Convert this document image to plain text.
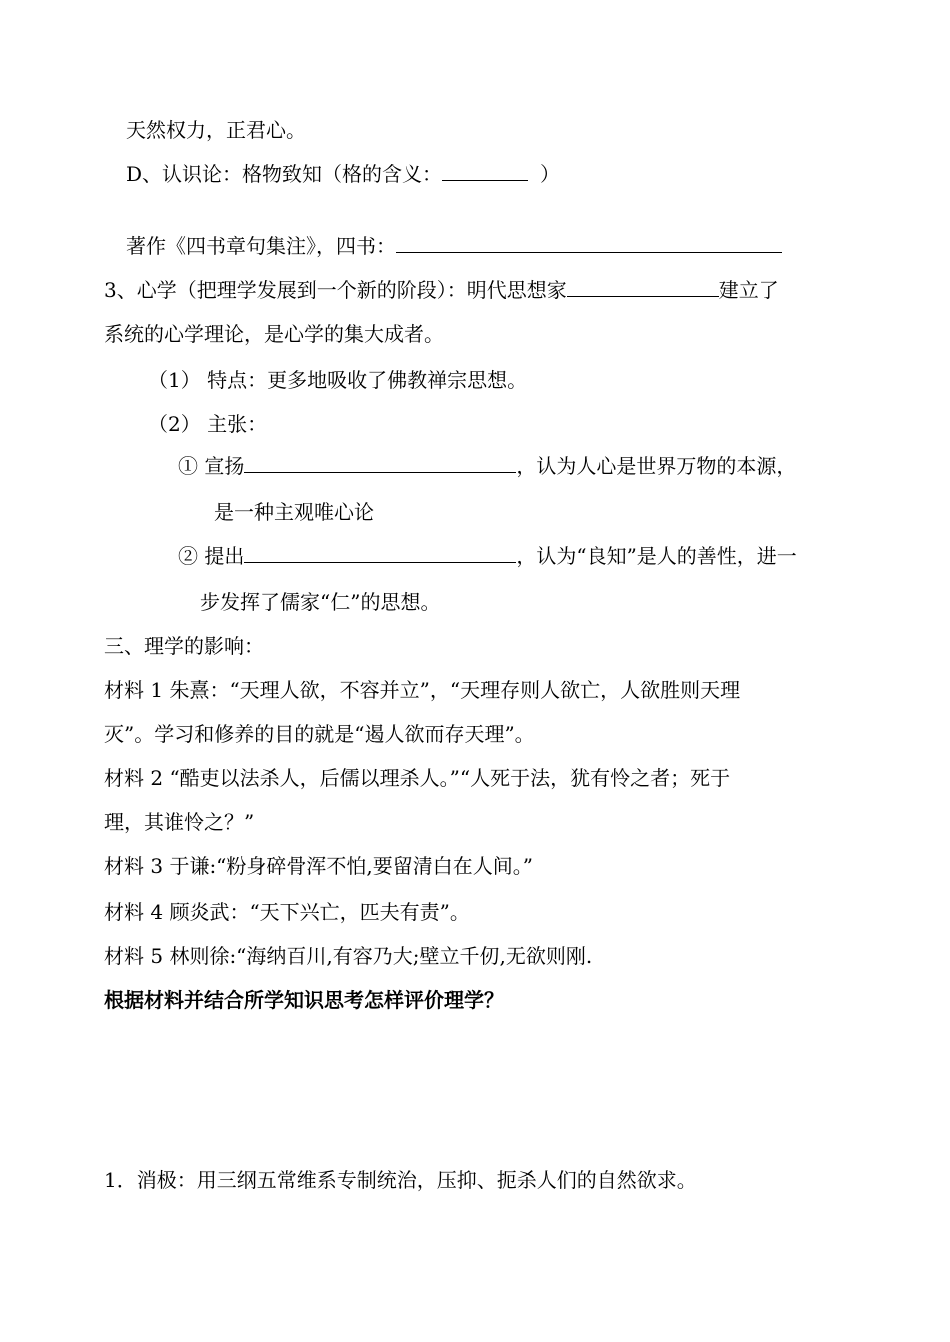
天然权力，正君心。
D、认识论：格物致知（格的含义：	）
著作《四书章句集注》，四书：
3、心学（把理学发展到一个新的阶段）：明代思想家	建立了
系统的心学理论，是心学的集大成者。
（1） 特点：更多地吸收了佛教禅宗思想。
（2） 主张：
① 宣扬	，认为人心是世界万物的本源，
是一种主观唯心论
② 提出	，认为“良知”是人的善性，进一
步发挥了儒家“仁”的思想。
三、理学的影响：
材料 1 朱熹：“天理人欲，不容并立”，“天理存则人欲亡，人欲胜则天理
灭”。学习和修养的目的就是“遏人欲而存天理”。
材料 2 “酷吏以法杀人，后儒以理杀人。”“人死于法，犹有怜之者；死于
理，其谁怜之？”
材料 3 于谦:“粉身碎骨浑不怕,要留清白在人间。”
材料 4 顾炎武：“天下兴亡，匹夫有责”。
材料 5 林则徐:“海纳百川,有容乃大;壁立千仞,无欲则刚.
根据材料并结合所学知识思考怎样评价理学？
1．消极：用三纲五常维系专制统治，压抑、扼杀人们的自然欲求。
